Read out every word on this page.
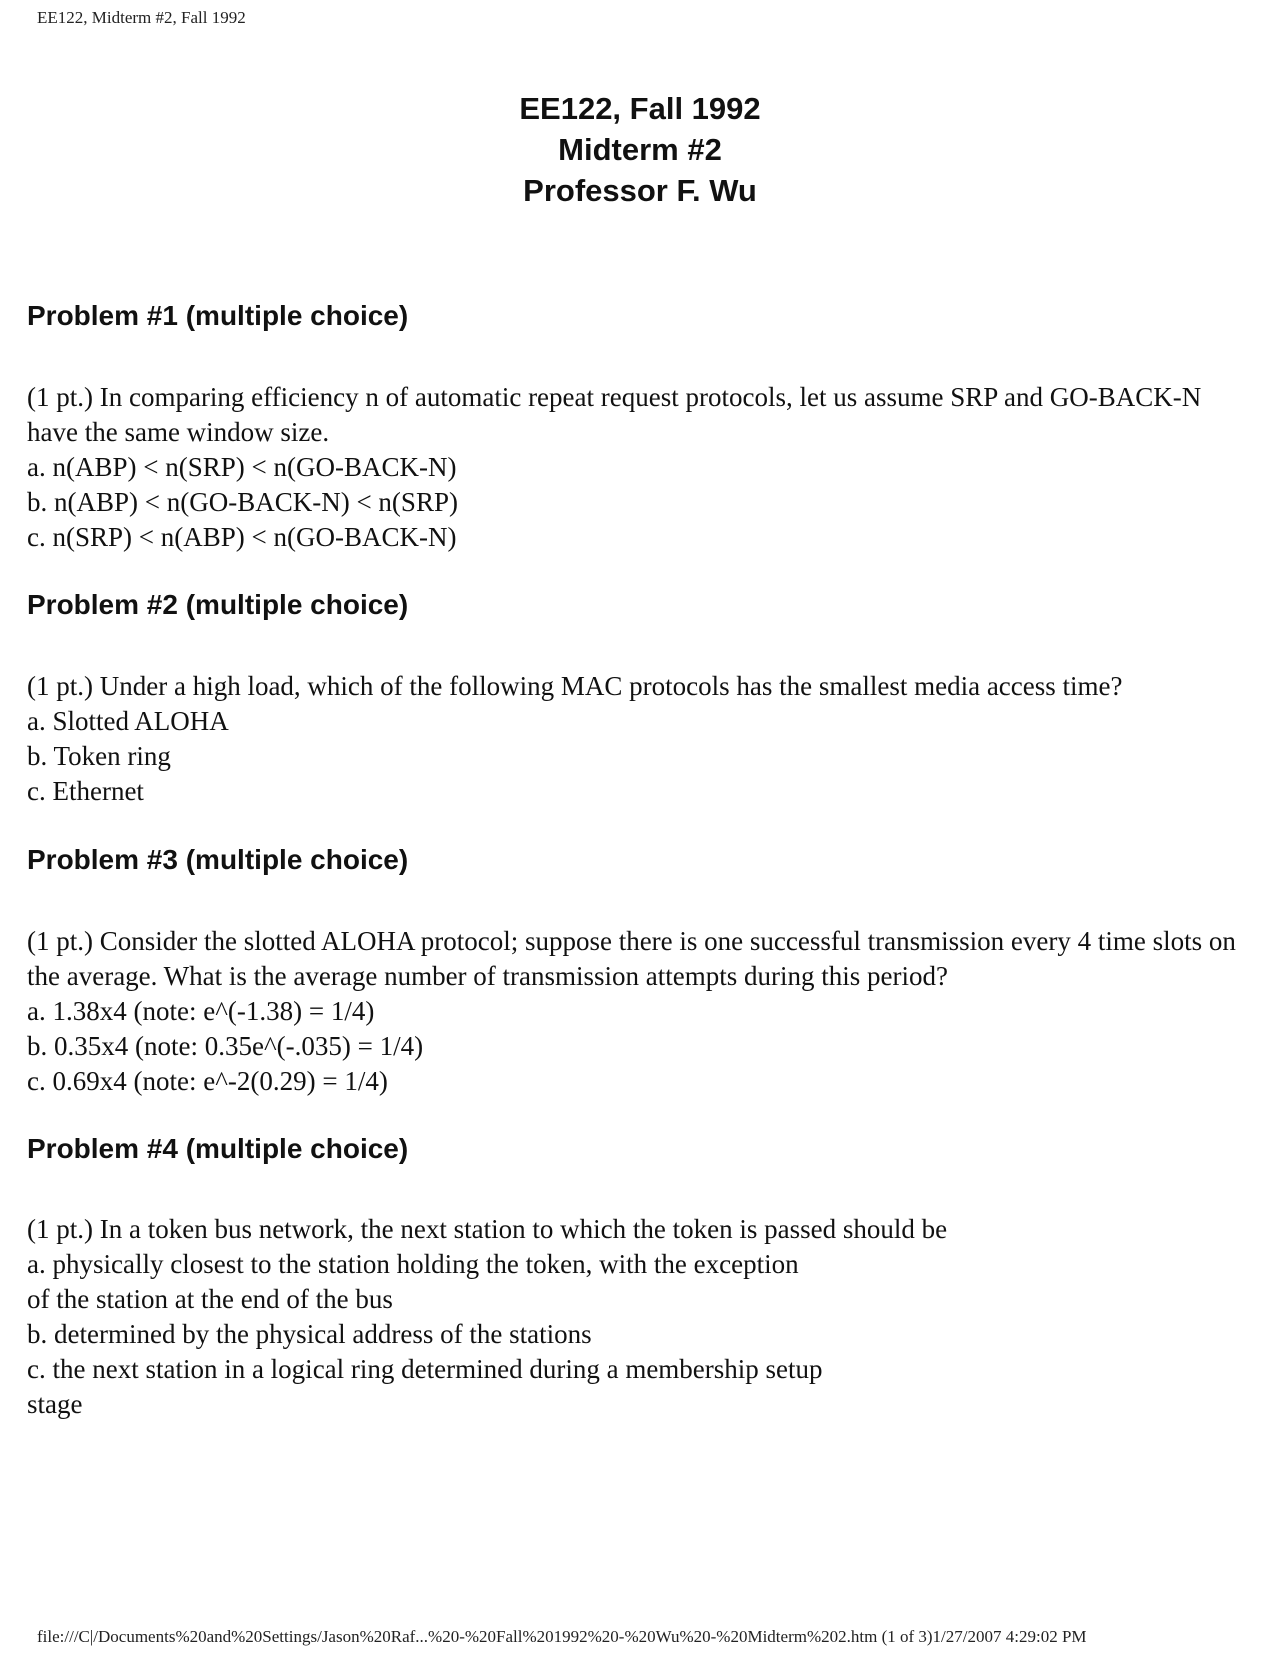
EE122, Midterm #2, Fall 1992
EE122, Fall 1992
Midterm #2
Professor F. Wu
Problem #1 (multiple choice)
(1 pt.) In comparing efficiency n of automatic repeat request protocols, let us assume SRP and GO-BACK-N have the same window size.
a. n(ABP) < n(SRP) < n(GO-BACK-N)
b. n(ABP) < n(GO-BACK-N) < n(SRP)
c. n(SRP) < n(ABP) < n(GO-BACK-N)
Problem #2 (multiple choice)
(1 pt.) Under a high load, which of the following MAC protocols has the smallest media access time?
a. Slotted ALOHA
b. Token ring
c. Ethernet
Problem #3 (multiple choice)
(1 pt.) Consider the slotted ALOHA protocol; suppose there is one successful transmission every 4 time slots on the average. What is the average number of transmission attempts during this period?
a. 1.38x4 (note: e^(-1.38) = 1/4)
b. 0.35x4 (note: 0.35e^(-.035) = 1/4)
c. 0.69x4 (note: e^-2(0.29) = 1/4)
Problem #4 (multiple choice)
(1 pt.) In a token bus network, the next station to which the token is passed should be
a. physically closest to the station holding the token, with the exception
of the station at the end of the bus
b. determined by the physical address of the stations
c. the next station in a logical ring determined during a membership setup
stage
file:///C|/Documents%20and%20Settings/Jason%20Raf...%20-%20Fall%201992%20-%20Wu%20-%20Midterm%202.htm (1 of 3)1/27/2007 4:29:02 PM
